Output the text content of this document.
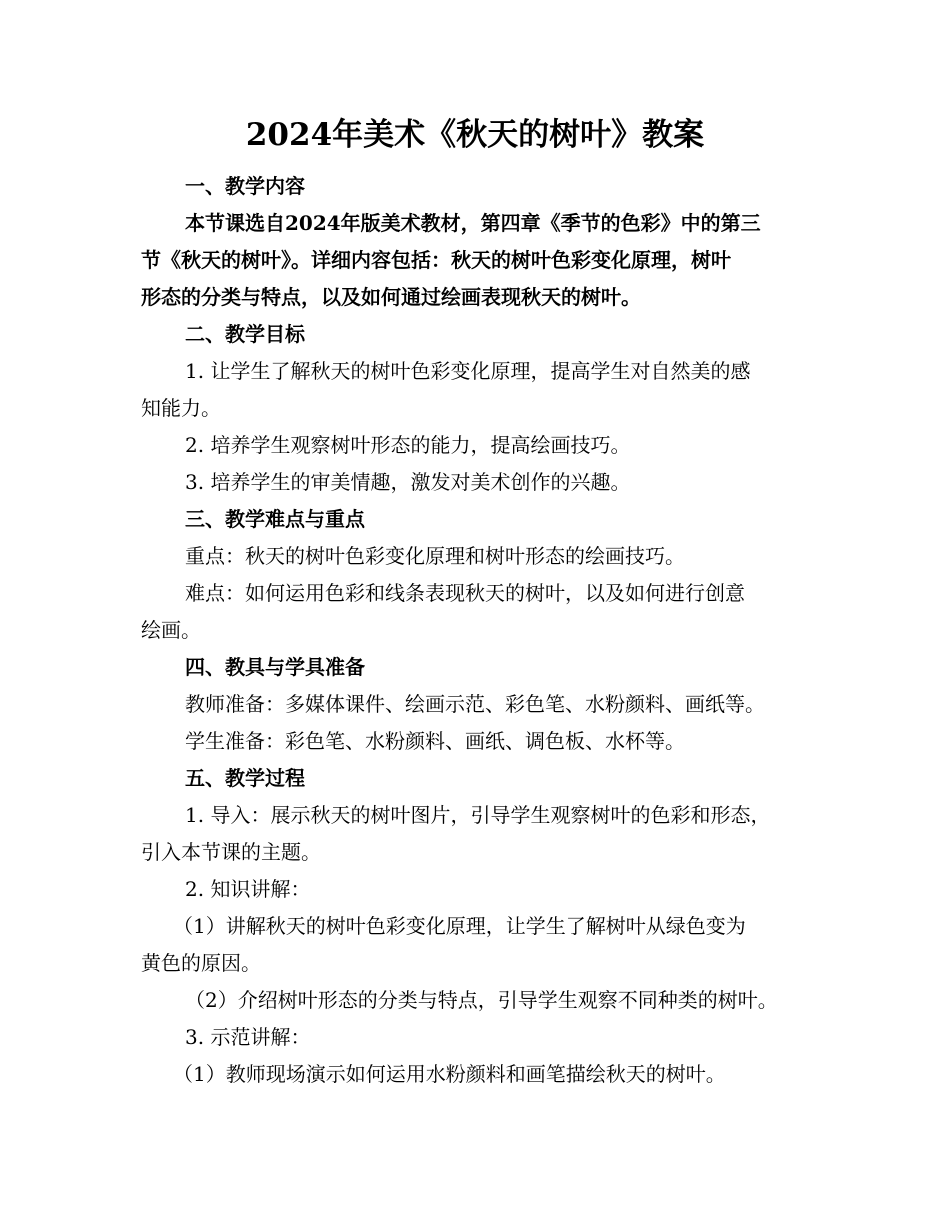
2024年美术《秋天的树叶》教案

一、教学内容

本节课选自2024年版美术教材，第四章《季节的色彩》中的第三

节《秋天的树叶》。详细内容包括：秋天的树叶色彩变化原理，树叶

形态的分类与特点，以及如何通过绘画表现秋天的树叶。

二、教学目标

1. 让学生了解秋天的树叶色彩变化原理，提高学生对自然美的感

知能力。

2. 培养学生观察树叶形态的能力，提高绘画技巧。

3. 培养学生的审美情趣，激发对美术创作的兴趣。

三、教学难点与重点

重点：秋天的树叶色彩变化原理和树叶形态的绘画技巧。

难点：如何运用色彩和线条表现秋天的树叶，以及如何进行创意

绘画。

四、教具与学具准备

教师准备：多媒体课件、绘画示范、彩色笔、水粉颜料、画纸等。

学生准备：彩色笔、水粉颜料、画纸、调色板、水杯等。

五、教学过程

1. 导入：展示秋天的树叶图片，引导学生观察树叶的色彩和形态，

引入本节课的主题。

2. 知识讲解：

（1）讲解秋天的树叶色彩变化原理，让学生了解树叶从绿色变为

黄色的原因。

（2）介绍树叶形态的分类与特点，引导学生观察不同种类的树叶。

3. 示范讲解：

（1）教师现场演示如何运用水粉颜料和画笔描绘秋天的树叶。
